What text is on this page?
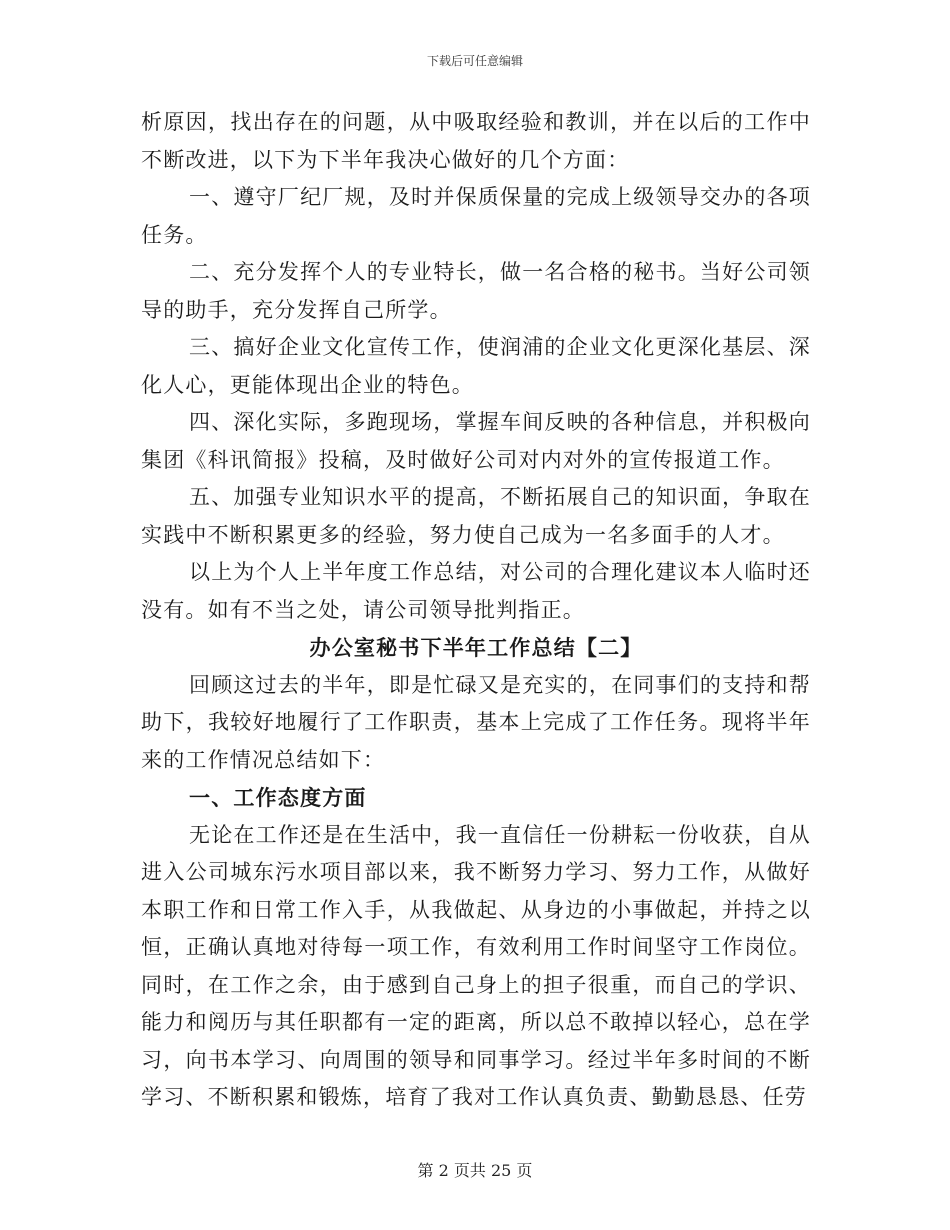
下载后可任意编辑

析原因，找出存在的问题，从中吸取经验和教训，并在以后的工作中不断改进，以下为下半年我决心做好的几个方面：

一、遵守厂纪厂规，及时并保质保量的完成上级领导交办的各项任务。

二、充分发挥个人的专业特长，做一名合格的秘书。当好公司领导的助手，充分发挥自己所学。

三、搞好企业文化宣传工作，使润浦的企业文化更深化基层、深化人心，更能体现出企业的特色。

四、深化实际，多跑现场，掌握车间反映的各种信息，并积极向集团《科讯简报》投稿，及时做好公司对内对外的宣传报道工作。

五、加强专业知识水平的提高，不断拓展自己的知识面，争取在实践中不断积累更多的经验，努力使自己成为一名多面手的人才。

以上为个人上半年度工作总结，对公司的合理化建议本人临时还没有。如有不当之处，请公司领导批判指正。

办公室秘书下半年工作总结【二】

回顾这过去的半年，即是忙碌又是充实的，在同事们的支持和帮助下，我较好地履行了工作职责，基本上完成了工作任务。现将半年来的工作情况总结如下：

一、工作态度方面

无论在工作还是在生活中，我一直信任一份耕耘一份收获，自从进入公司城东污水项目部以来，我不断努力学习、努力工作，从做好本职工作和日常工作入手，从我做起、从身边的小事做起，并持之以恒，正确认真地对待每一项工作，有效利用工作时间坚守工作岗位。同时，在工作之余，由于感到自己身上的担子很重，而自己的学识、能力和阅历与其任职都有一定的距离，所以总不敢掉以轻心，总在学习，向书本学习、向周围的领导和同事学习。经过半年多时间的不断学习、不断积累和锻炼，培育了我对工作认真负责、勤勤恳恳、任劳

第 2 页共 25 页
